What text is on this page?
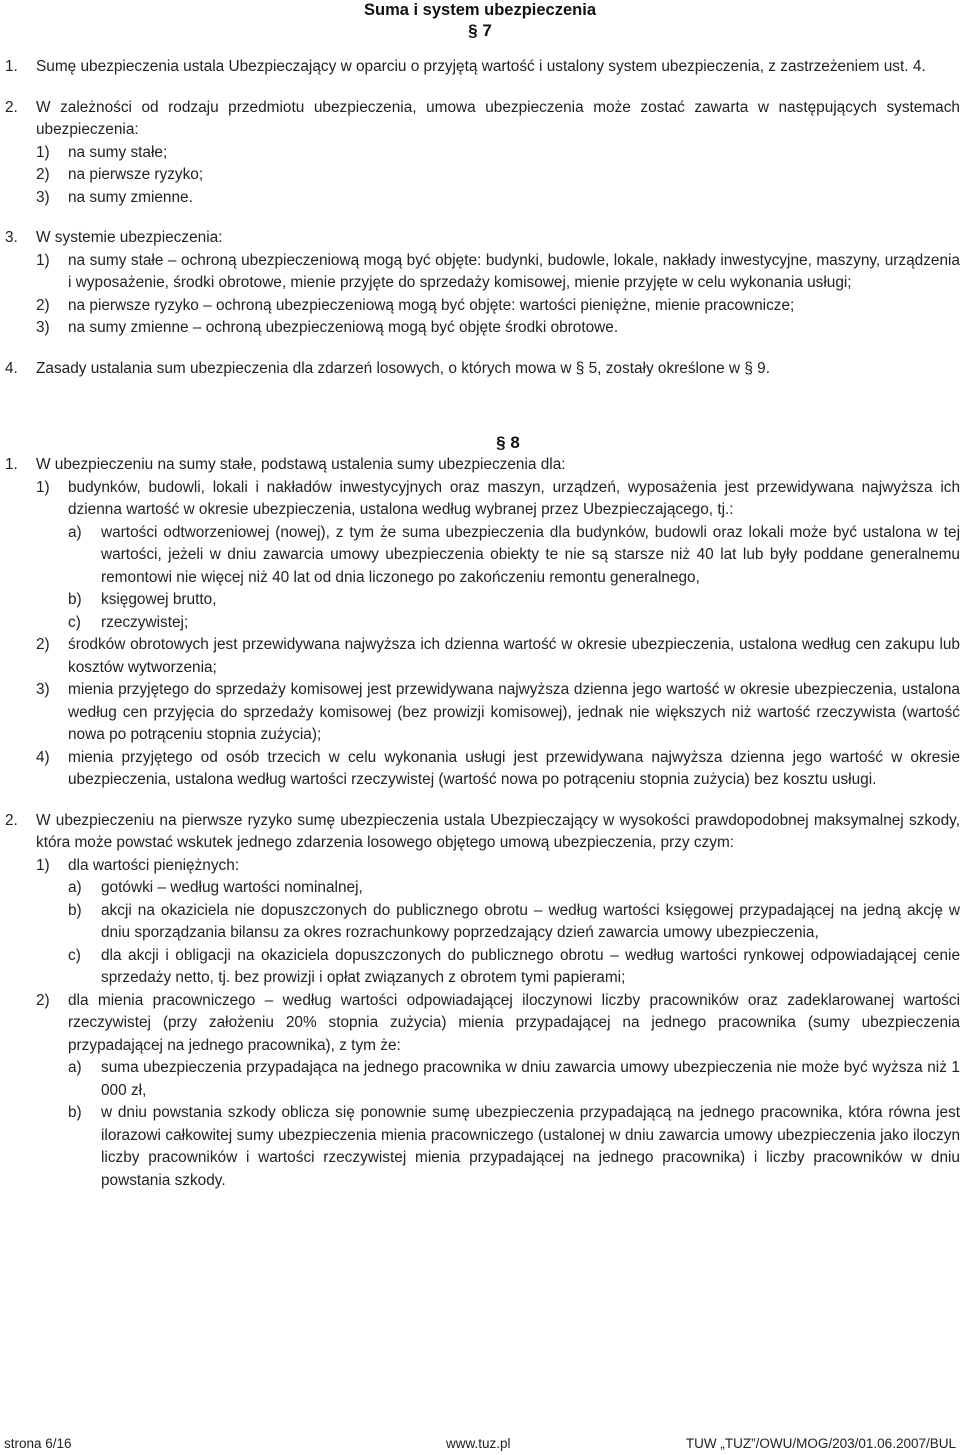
Suma i system ubezpieczenia
§ 7
1. Sumę ubezpieczenia ustala Ubezpieczający w oparciu o przyjętą wartość i ustalony system ubezpieczenia, z zastrzeżeniem ust. 4.
2. W zależności od rodzaju przedmiotu ubezpieczenia, umowa ubezpieczenia może zostać zawarta w następujących systemach ubezpieczenia:
1) na sumy stałe;
2) na pierwsze ryzyko;
3) na sumy zmienne.
3. W systemie ubezpieczenia:
1) na sumy stałe – ochroną ubezpieczeniową mogą być objęte: budynki, budowle, lokale, nakłady inwestycyjne, maszyny, urządzenia i wyposażenie, środki obrotowe, mienie przyjęte do sprzedaży komisowej, mienie przyjęte w celu wykonania usługi;
2) na pierwsze ryzyko – ochroną ubezpieczeniową mogą być objęte: wartości pieniężne, mienie pracownicze;
3) na sumy zmienne – ochroną ubezpieczeniową mogą być objęte środki obrotowe.
4. Zasady ustalania sum ubezpieczenia dla zdarzeń losowych, o których mowa w § 5, zostały określone w § 9.
§ 8
1. W ubezpieczeniu na sumy stałe, podstawą ustalenia sumy ubezpieczenia dla:
1) budynków, budowli, lokali i nakładów inwestycyjnych oraz maszyn, urządzeń, wyposażenia jest przewidywana najwyższa ich dzienna wartość w okresie ubezpieczenia, ustalona według wybranej przez Ubezpieczającego, tj.:
a) wartości odtworzeniowej (nowej), z tym że suma ubezpieczenia dla budynków, budowli oraz lokali może być ustalona w tej wartości, jeżeli w dniu zawarcia umowy ubezpieczenia obiekty te nie są starsze niż 40 lat lub były poddane generalnemu remontowi nie więcej niż 40 lat od dnia liczonego po zakończeniu remontu generalnego,
b) księgowej brutto,
c) rzeczywistej;
2) środków obrotowych jest przewidywana najwyższa ich dzienna wartość w okresie ubezpieczenia, ustalona według cen zakupu lub kosztów wytworzenia;
3) mienia przyjętego do sprzedaży komisowej jest przewidywana najwyższa dzienna jego wartość w okresie ubezpieczenia, ustalona według cen przyjęcia do sprzedaży komisowej (bez prowizji komisowej), jednak nie większych niż wartość rzeczywista (wartość nowa po potrąceniu stopnia zużycia);
4) mienia przyjętego od osób trzecich w celu wykonania usługi jest przewidywana najwyższa dzienna jego wartość w okresie ubezpieczenia, ustalona według wartości rzeczywistej (wartość nowa po potrąceniu stopnia zużycia) bez kosztu usługi.
2. W ubezpieczeniu na pierwsze ryzyko sumę ubezpieczenia ustala Ubezpieczający w wysokości prawdopodobnej maksymalnej szkody, która może powstać wskutek jednego zdarzenia losowego objętego umową ubezpieczenia, przy czym:
1) dla wartości pieniężnych:
a) gotówki – według wartości nominalnej,
b) akcji na okaziciela nie dopuszczonych do publicznego obrotu – według wartości księgowej przypadającej na jedną akcję w dniu sporządzania bilansu za okres rozrachunkowy poprzedzający dzień zawarcia umowy ubezpieczenia,
c) dla akcji i obligacji na okaziciela dopuszczonych do publicznego obrotu – według wartości rynkowej odpowiadającej cenie sprzedaży netto, tj. bez prowizji i opłat związanych z obrotem tymi papierami;
2) dla mienia pracowniczego – według wartości odpowiadającej iloczynowi liczby pracowników oraz zadeklarowanej wartości rzeczywistej (przy założeniu 20% stopnia zużycia) mienia przypadającej na jednego pracownika (sumy ubezpieczenia przypadającej na jednego pracownika), z tym że:
a) suma ubezpieczenia przypadająca na jednego pracownika w dniu zawarcia umowy ubezpieczenia nie może być wyższa niż 1 000 zł,
b) w dniu powstania szkody oblicza się ponownie sumę ubezpieczenia przypadającą na jednego pracownika, która równa jest ilorazowi całkowitej sumy ubezpieczenia mienia pracowniczego (ustalonej w dniu zawarcia umowy ubezpieczenia jako iloczyn liczby pracowników i wartości rzeczywistej mienia przypadającej na jednego pracownika) i liczby pracowników w dniu powstania szkody.
strona 6/16	www.tuz.pl	TUW „TUZ”/OWU/MOG/203/01.06.2007/BUL
